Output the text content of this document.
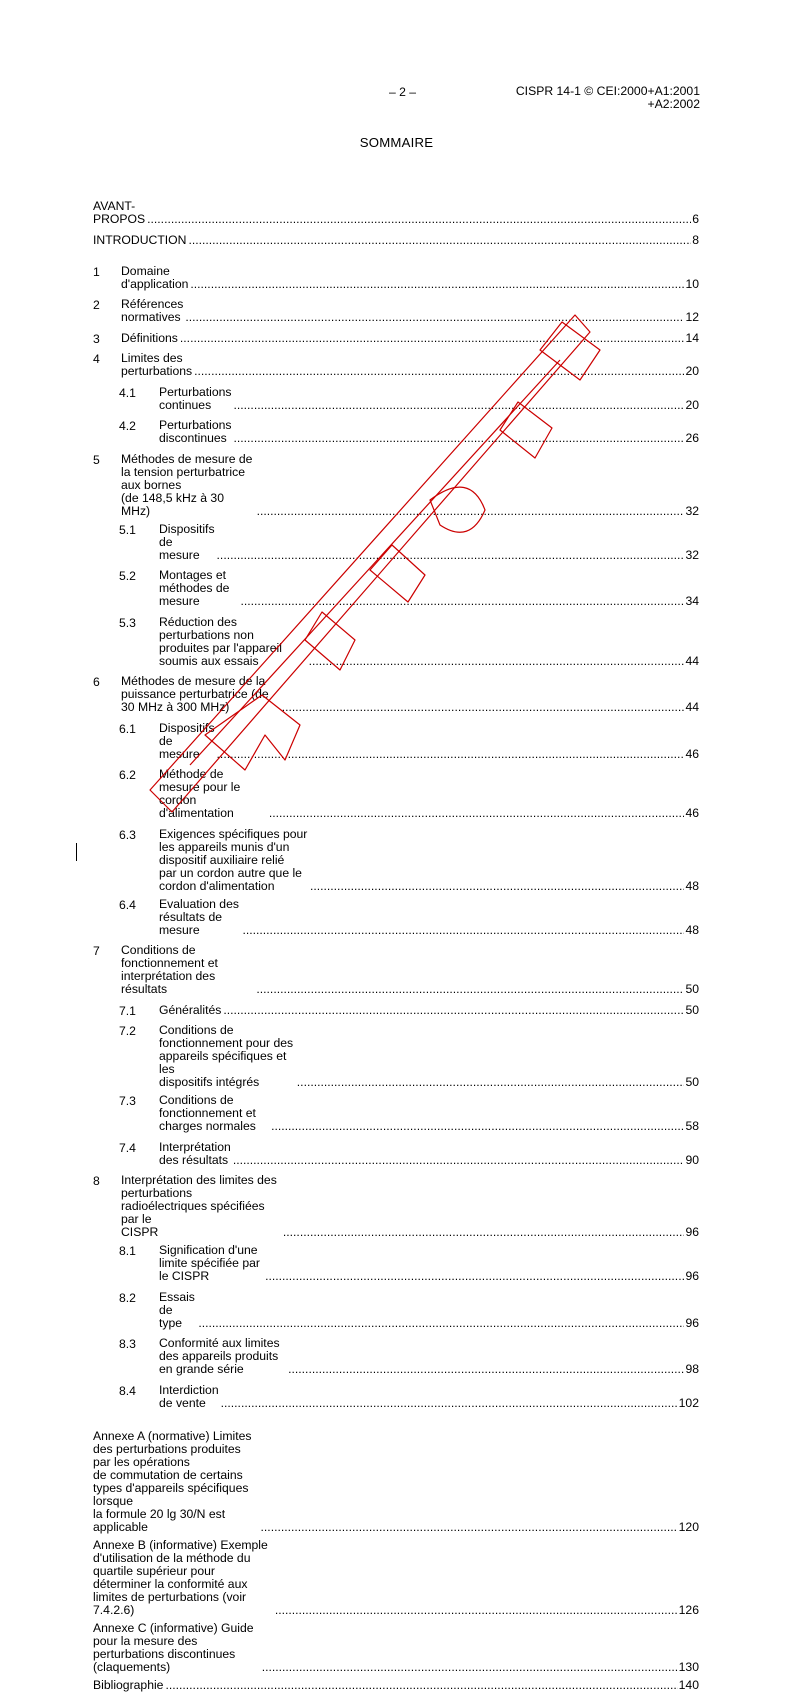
– 2 –	CISPR 14-1 © CEI:2000+A1:2001
+A2:2002
SOMMAIRE
AVANT-PROPOS .....	6
INTRODUCTION .....	8
1 Domaine d'application .....	10
2 Références normatives .....	12
3 Définitions .....	14
4 Limites des perturbations .....	20
4.1 Perturbations continues .....	20
4.2 Perturbations discontinues .....	26
5 Méthodes de mesure de la tension perturbatrice aux bornes
(de 148,5 kHz à 30 MHz) .....	32
5.1 Dispositifs de mesure .....	32
5.2 Montages et méthodes de mesure .....	34
5.3 Réduction des perturbations non produites par l'appareil soumis aux essais .....	44
6 Méthodes de mesure de la puissance perturbatrice (de 30 MHz à 300 MHz) .....	44
6.1 Dispositifs de mesure .....	46
6.2 Méthode de mesure pour le cordon d'alimentation .....	46
6.3 Exigences spécifiques pour les appareils munis d'un dispositif auxiliaire relié
par un cordon autre que le cordon d'alimentation .....	48
6.4 Evaluation des résultats de mesure .....	48
7 Conditions de fonctionnement et interprétation des résultats .....	50
7.1 Généralités .....	50
7.2 Conditions de fonctionnement pour des appareils spécifiques et les
dispositifs intégrés .....	50
7.3 Conditions de fonctionnement et charges normales .....	58
7.4 Interprétation des résultats .....	90
8 Interprétation des limites des perturbations radioélectriques spécifiées par le
CISPR .....	96
8.1 Signification d'une limite spécifiée par le CISPR .....	96
8.2 Essais de type .....	96
8.3 Conformité aux limites des appareils produits en grande série .....	98
8.4 Interdiction de vente .....	102
Annexe A (normative) Limites des perturbations produites par les opérations
de commutation de certains types d'appareils spécifiques lorsque
la formule 20 lg 30/N est applicable .....	120
Annexe B (informative) Exemple d'utilisation de la méthode du quartile supérieur pour
déterminer la conformité aux limites de perturbations (voir 7.4.2.6) .....	126
Annexe C (informative) Guide pour la mesure des perturbations discontinues
(claquements) .....	130
Bibliographie .....	140
